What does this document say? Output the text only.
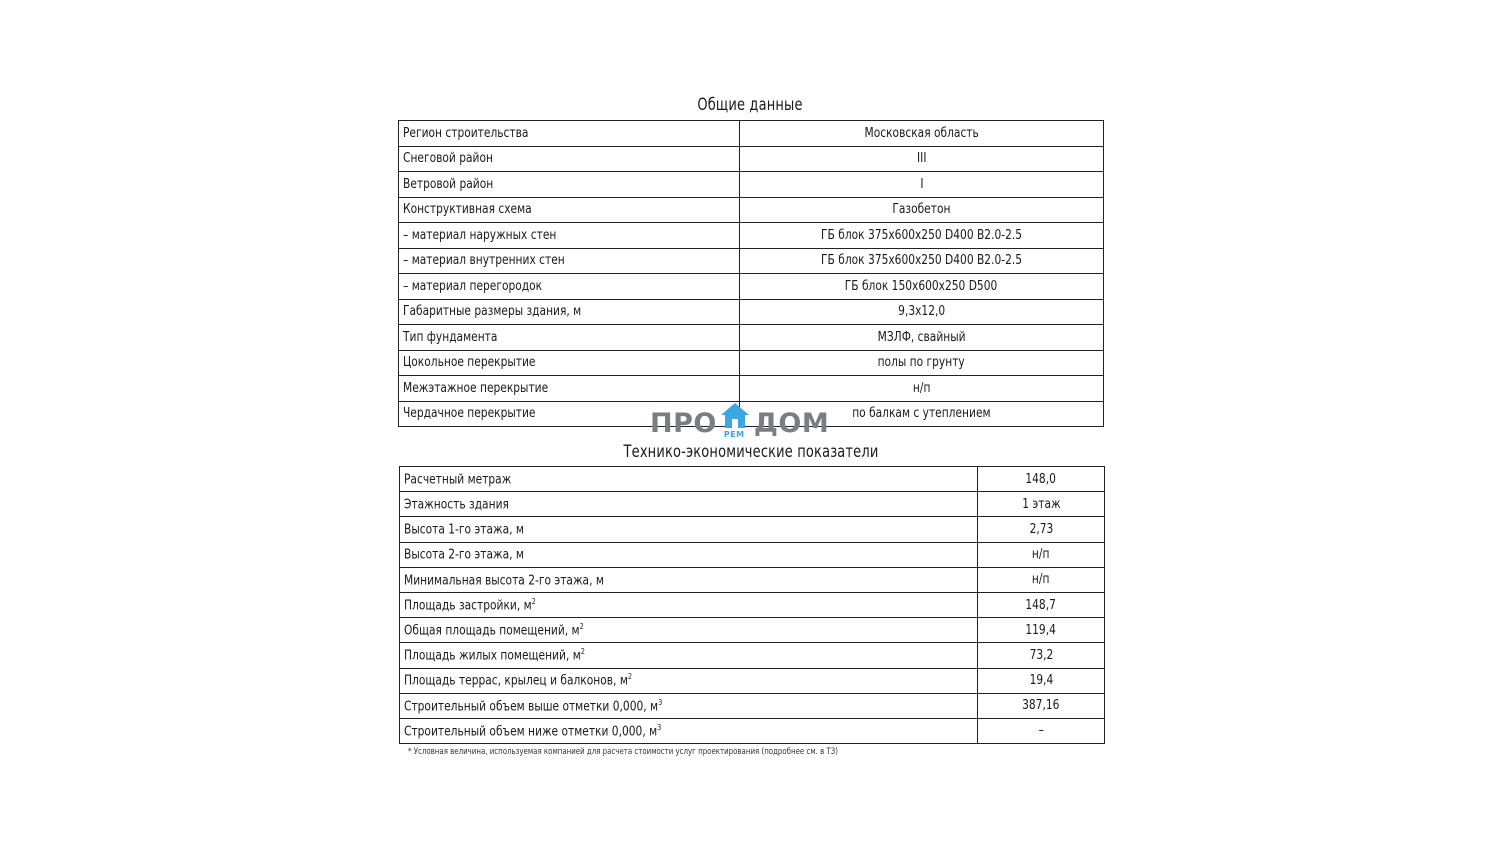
Общие данные
Регион строительства	Московская область
Снеговой район	III
Ветровой район	I
Конструктивная схема	Газобетон
– материал наружных стен	ГБ блок 375x600x250 D400 B2.0-2.5
– материал внутренних стен	ГБ блок 375x600x250 D400 B2.0-2.5
– материал перегородок	ГБ блок 150x600x250 D500
Габаритные размеры здания, м	9,3x12,0
Тип фундамента	МЗЛФ, свайный
Цокольное перекрытие	полы по грунту
Межэтажное перекрытие	н/п
Чердачное перекрытие	по балкам с утеплением
ПРО РЕМ ДОМ
Технико-экономические показатели
Расчетный метраж	148,0
Этажность здания	1 этаж
Высота 1-го этажа, м	2,73
Высота 2-го этажа, м	н/п
Минимальная высота 2-го этажа, м	н/п
Площадь застройки, $м^2$	148,7
Общая площадь помещений, $м^2$	119,4
Площадь жилых помещений, $м^2$	73,2
Площадь террас, крылец и балконов, $м^2$	19,4
Строительный объем выше отметки 0,000, $м^3$	387,16
Строительный объем ниже отметки 0,000, $м^3$	–
* Условная величина, используемая компанией для расчета стоимости услуг проектирования (подробнее см. в ТЗ)
